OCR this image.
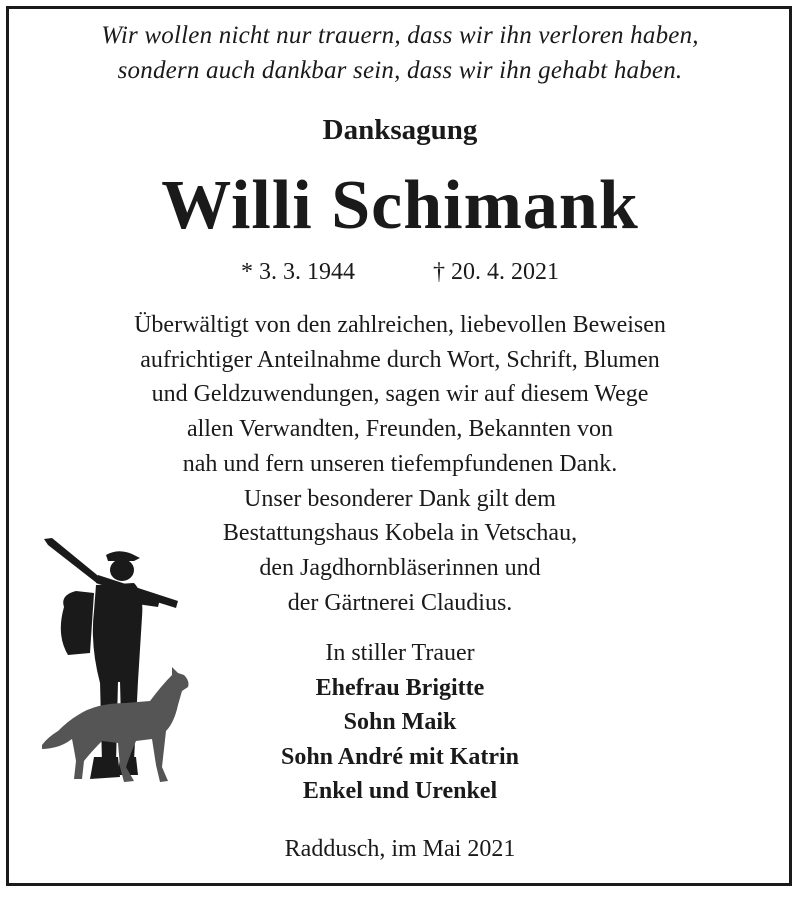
Wir wollen nicht nur trauern, dass wir ihn verloren haben,
sondern auch dankbar sein, dass wir ihn gehabt haben.
Danksagung
Willi Schimank
* 3. 3. 1944	† 20. 4. 2021
Überwältigt von den zahlreichen, liebevollen Beweisen
aufrichtiger Anteilnahme durch Wort, Schrift, Blumen
und Geldzuwendungen, sagen wir auf diesem Wege
allen Verwandten, Freunden, Bekannten von
nah und fern unseren tiefempfundenen Dank.
Unser besonderer Dank gilt dem
Bestattungshaus Kobela in Vetschau,
den Jagdhornbläserinnen und
der Gärtnerei Claudius.
In stiller Trauer
Ehefrau Brigitte
Sohn Maik
Sohn André mit Katrin
Enkel und Urenkel
Raddusch, im Mai 2021
